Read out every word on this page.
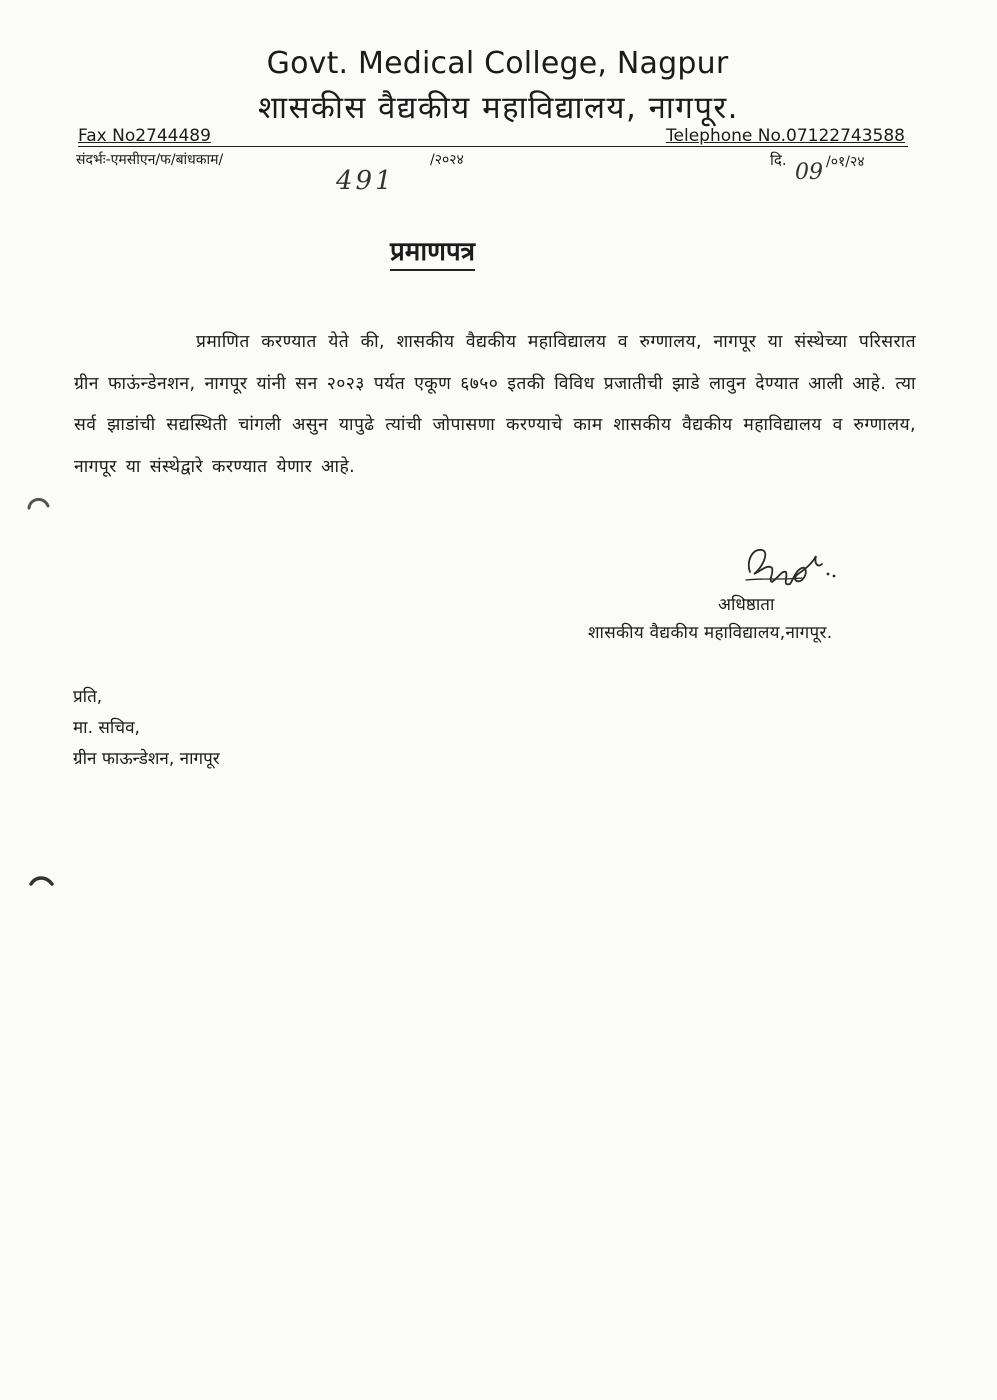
Govt. Medical College, Nagpur
शासकीस वैद्यकीय महाविद्यालय, नागपूर.
Fax No2744489	Telephone No.07122743588
संदर्भः-एमसीएन/फ/बांधकाम/
491
/२०२४	दि. 09 /०१/२४
प्रमाणपत्र
प्रमाणित करण्यात येते की, शासकीय वैद्यकीय महाविद्यालय व रुग्णालय, नागपूर या संस्थेच्या परिसरात ग्रीन फाऊंन्डेनशन, नागपूर यांनी सन २०२३ पर्यत एकूण ६७५० इतकी विविध प्रजातीची झाडे लावुन देण्यात आली आहे. त्या सर्व झाडांची सद्यस्थिती चांगली असुन यापुढे त्यांची जोपासणा करण्याचे काम शासकीय वैद्यकीय महाविद्यालय व रुग्णालय, नागपूर या संस्थेद्वारे करण्यात येणार आहे.
अधिष्ठाता
शासकीय वैद्यकीय महाविद्यालय,नागपूर.
प्रति,
मा. सचिव,
ग्रीन फाऊन्डेशन, नागपूर
